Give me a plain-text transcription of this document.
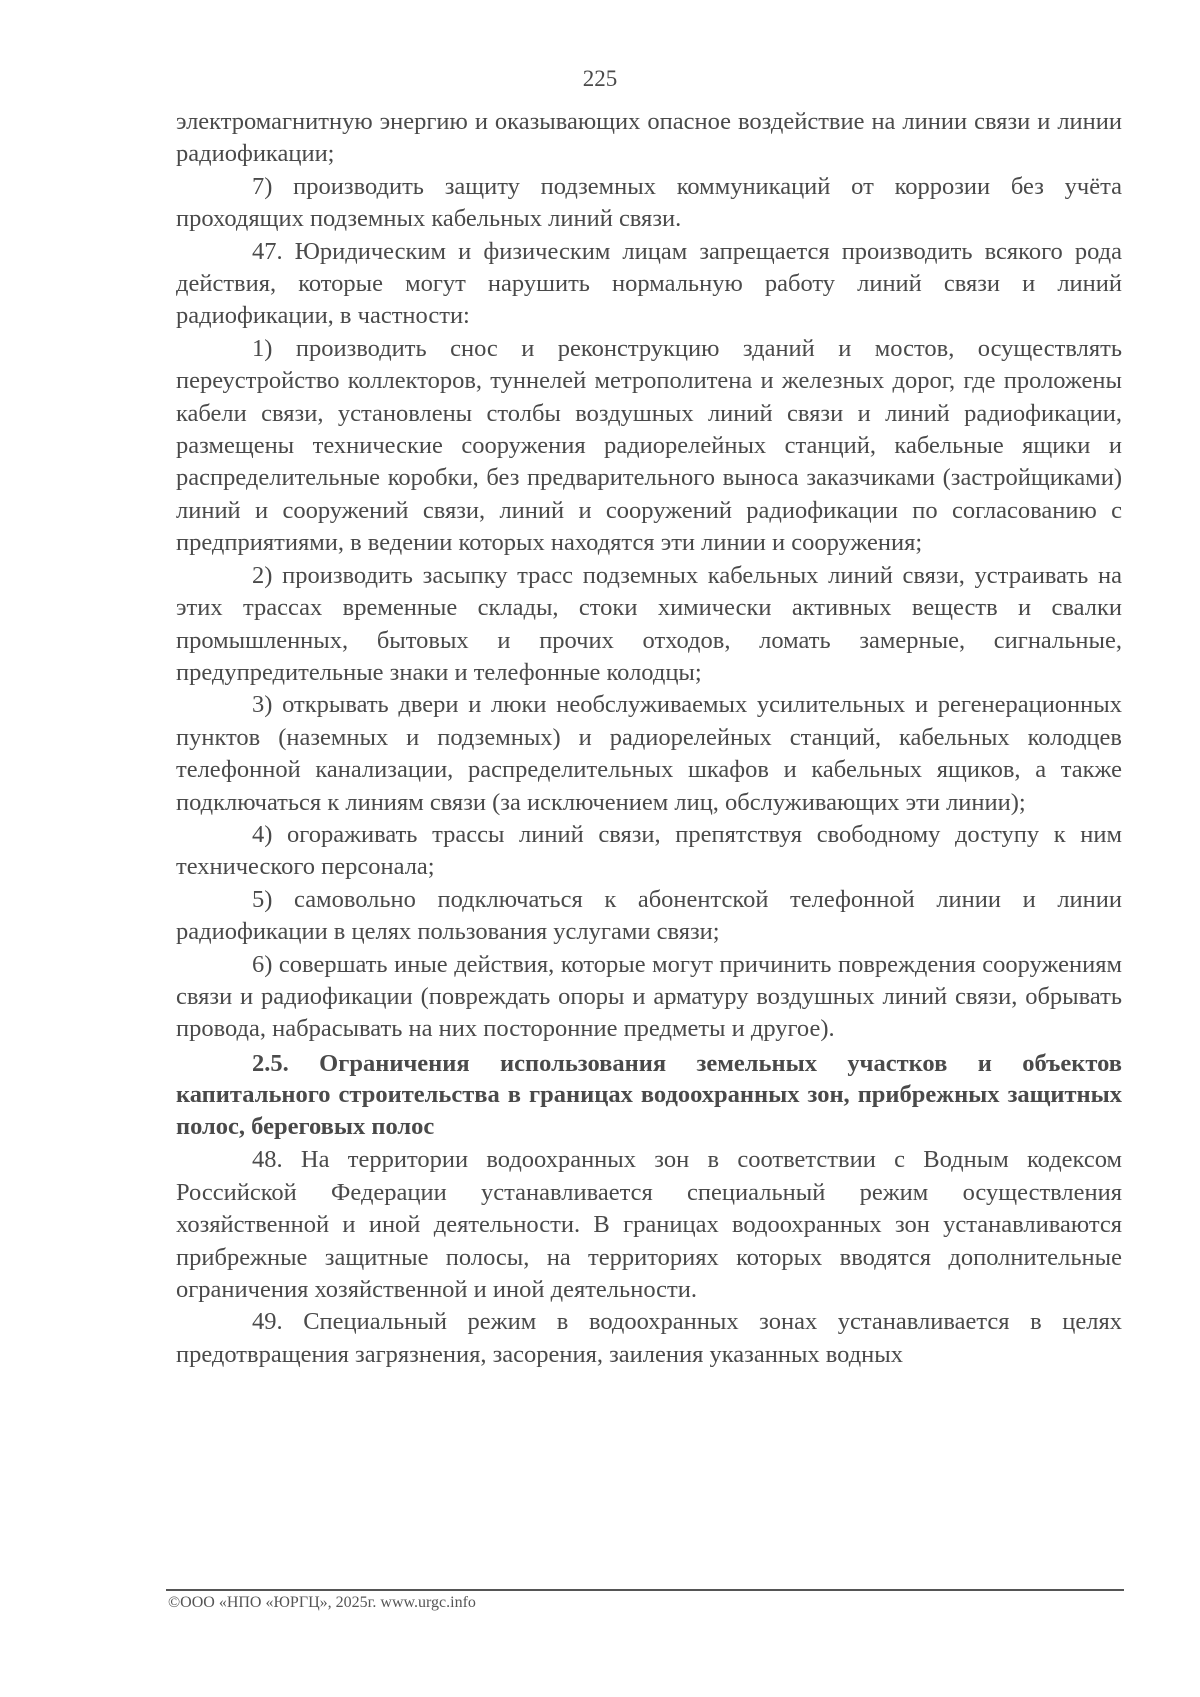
225

электромагнитную энергию и оказывающих опасное воздействие на линии связи и линии радиофикации;

7) производить защиту подземных коммуникаций от коррозии без учёта проходящих подземных кабельных линий связи.

47. Юридическим и физическим лицам запрещается производить всякого рода действия, которые могут нарушить нормальную работу линий связи и линий радиофикации, в частности:

1) производить снос и реконструкцию зданий и мостов, осуществлять переустройство коллекторов, туннелей метрополитена и железных дорог, где проложены кабели связи, установлены столбы воздушных линий связи и линий радиофикации, размещены технические сооружения радиорелейных станций, кабельные ящики и распределительные коробки, без предварительного выноса заказчиками (застройщиками) линий и сооружений связи, линий и сооружений радиофикации по согласованию с предприятиями, в ведении которых находятся эти линии и сооружения;

2) производить засыпку трасс подземных кабельных линий связи, устраивать на этих трассах временные склады, стоки химически активных веществ и свалки промышленных, бытовых и прочих отходов, ломать замерные, сигнальные, предупредительные знаки и телефонные колодцы;

3) открывать двери и люки необслуживаемых усилительных и регенерационных пунктов (наземных и подземных) и радиорелейных станций, кабельных колодцев телефонной канализации, распределительных шкафов и кабельных ящиков, а также подключаться к линиям связи (за исключением лиц, обслуживающих эти линии);

4) огораживать трассы линий связи, препятствуя свободному доступу к ним технического персонала;

5) самовольно подключаться к абонентской телефонной линии и линии радиофикации в целях пользования услугами связи;

6) совершать иные действия, которые могут причинить повреждения сооружениям связи и радиофикации (повреждать опоры и арматуру воздушных линий связи, обрывать провода, набрасывать на них посторонние предметы и другое).

2.5. Ограничения использования земельных участков и объектов капитального строительства в границах водоохранных зон, прибрежных защитных полос, береговых полос

48. На территории водоохранных зон в соответствии с Водным кодексом Российской Федерации устанавливается специальный режим осуществления хозяйственной и иной деятельности. В границах водоохранных зон устанавливаются прибрежные защитные полосы, на территориях которых вводятся дополнительные ограничения хозяйственной и иной деятельности.

49. Специальный режим в водоохранных зонах устанавливается в целях предотвращения загрязнения, засорения, заиления указанных водных

©ООО «НПО «ЮРГЦ», 2025г. www.urgc.info
